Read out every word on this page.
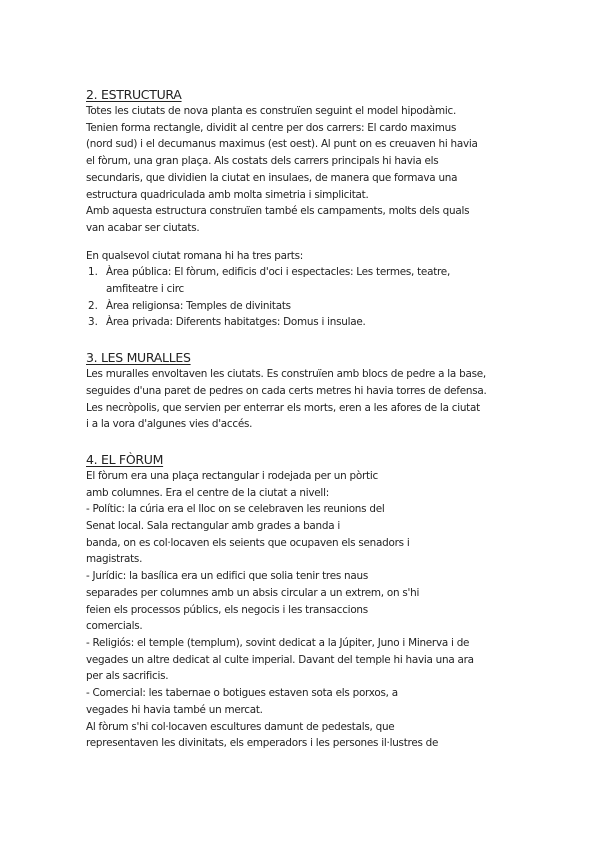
2. ESTRUCTURA
Totes les ciutats de nova planta es construïen seguint el model hipodàmic.
Tenien forma rectangle, dividit al centre per dos carrers: El cardo maximus
(nord sud) i el decumanus maximus (est oest). Al punt on es creuaven hi havia
el fòrum, una gran plaça. Als costats dels carrers principals hi havia els
secundaris, que dividien la ciutat en insulaes, de manera que formava una
estructura quadriculada amb molta simetria i simplicitat.
Amb aquesta estructura construïen també els campaments, molts dels quals
van acabar ser ciutats.
En qualsevol ciutat romana hi ha tres parts:
1. Àrea pública: El fòrum, edificis d'oci i espectacles: Les termes, teatre,
amfiteatre i circ
2. Àrea religionsa: Temples de divinitats
3. Àrea privada: Diferents habitatges: Domus i insulae.
3. LES MURALLES
Les muralles envoltaven les ciutats. Es construïen amb blocs de pedre a la base,
seguides d'una paret de pedres on cada certs metres hi havia torres de defensa.
Les necròpolis, que servien per enterrar els morts, eren a les afores de la ciutat
i a la vora d'algunes vies d'accés.
4. EL FÒRUM
El fòrum era una plaça rectangular i rodejada per un pòrtic
amb columnes. Era el centre de la ciutat a nivell:
- Polític: la cúria era el lloc on se celebraven les reunions del
Senat local. Sala rectangular amb grades a banda i
banda, on es col·locaven els seients que ocupaven els senadors i
magistrats.
- Jurídic: la basílica era un edifici que solia tenir tres naus
separades per columnes amb un absis circular a un extrem, on s'hi
feien els processos públics, els negocis i les transaccions
comercials.
- Religiós: el temple (templum), sovint dedicat a la Júpiter, Juno i Minerva i de
vegades un altre dedicat al culte imperial. Davant del temple hi havia una ara
per als sacrificis.
- Comercial: les tabernae o botigues estaven sota els porxos, a
vegades hi havia també un mercat.
Al fòrum s'hi col·locaven escultures damunt de pedestals, que
representaven les divinitats, els emperadors i les persones il·lustres de
